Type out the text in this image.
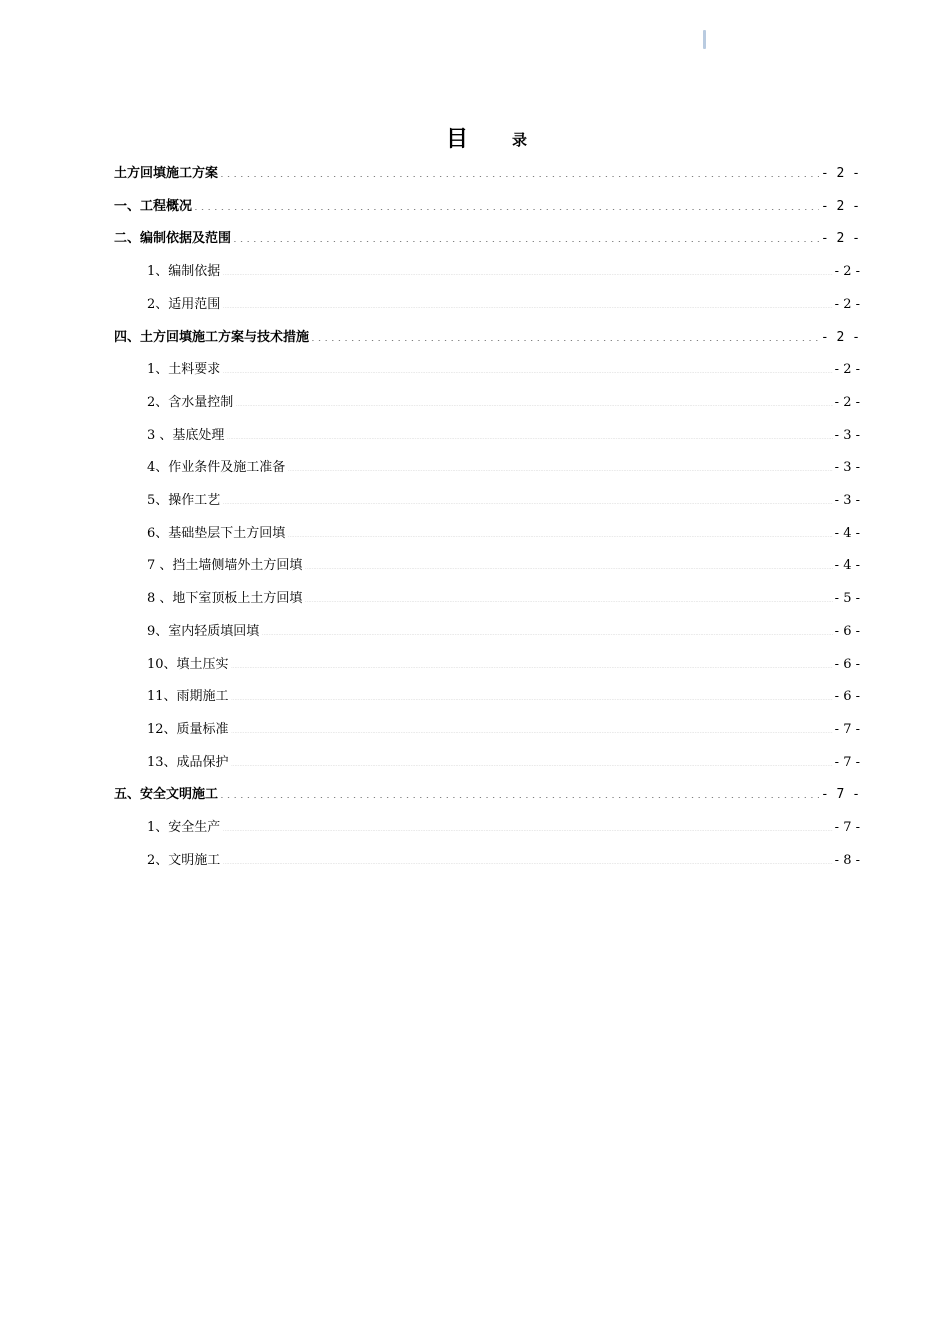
目	录
土方回填施工方案 . . .	- 2 -
一、工程概况 . . .	- 2 -
二、编制依据及范围 . . .	- 2 -
1、编制依据 .....	- 2 -
2、适用范围 .....	- 2 -
四、土方回填施工方案与技术措施 . . .	- 2 -
1、土料要求 .....	- 2 -
2、含水量控制 .....	- 2 -
3 、基底处理 .....	- 3 -
4、作业条件及施工准备 .....	- 3 -
5、操作工艺 .....	- 3 -
6、基础垫层下土方回填 .....	- 4 -
7 、挡土墙侧墙外土方回填 .....	- 4 -
8 、地下室顶板上土方回填 .....	- 5 -
9、室内轻质填回填 .....	- 6 -
10、填土压实 .....	- 6 -
11、雨期施工 .....	- 6 -
12、质量标准 .....	- 7 -
13、成品保护 .....	- 7 -
五、安全文明施工 . . .	- 7 -
1、安全生产 .....	- 7 -
2、文明施工 .....	- 8 -
